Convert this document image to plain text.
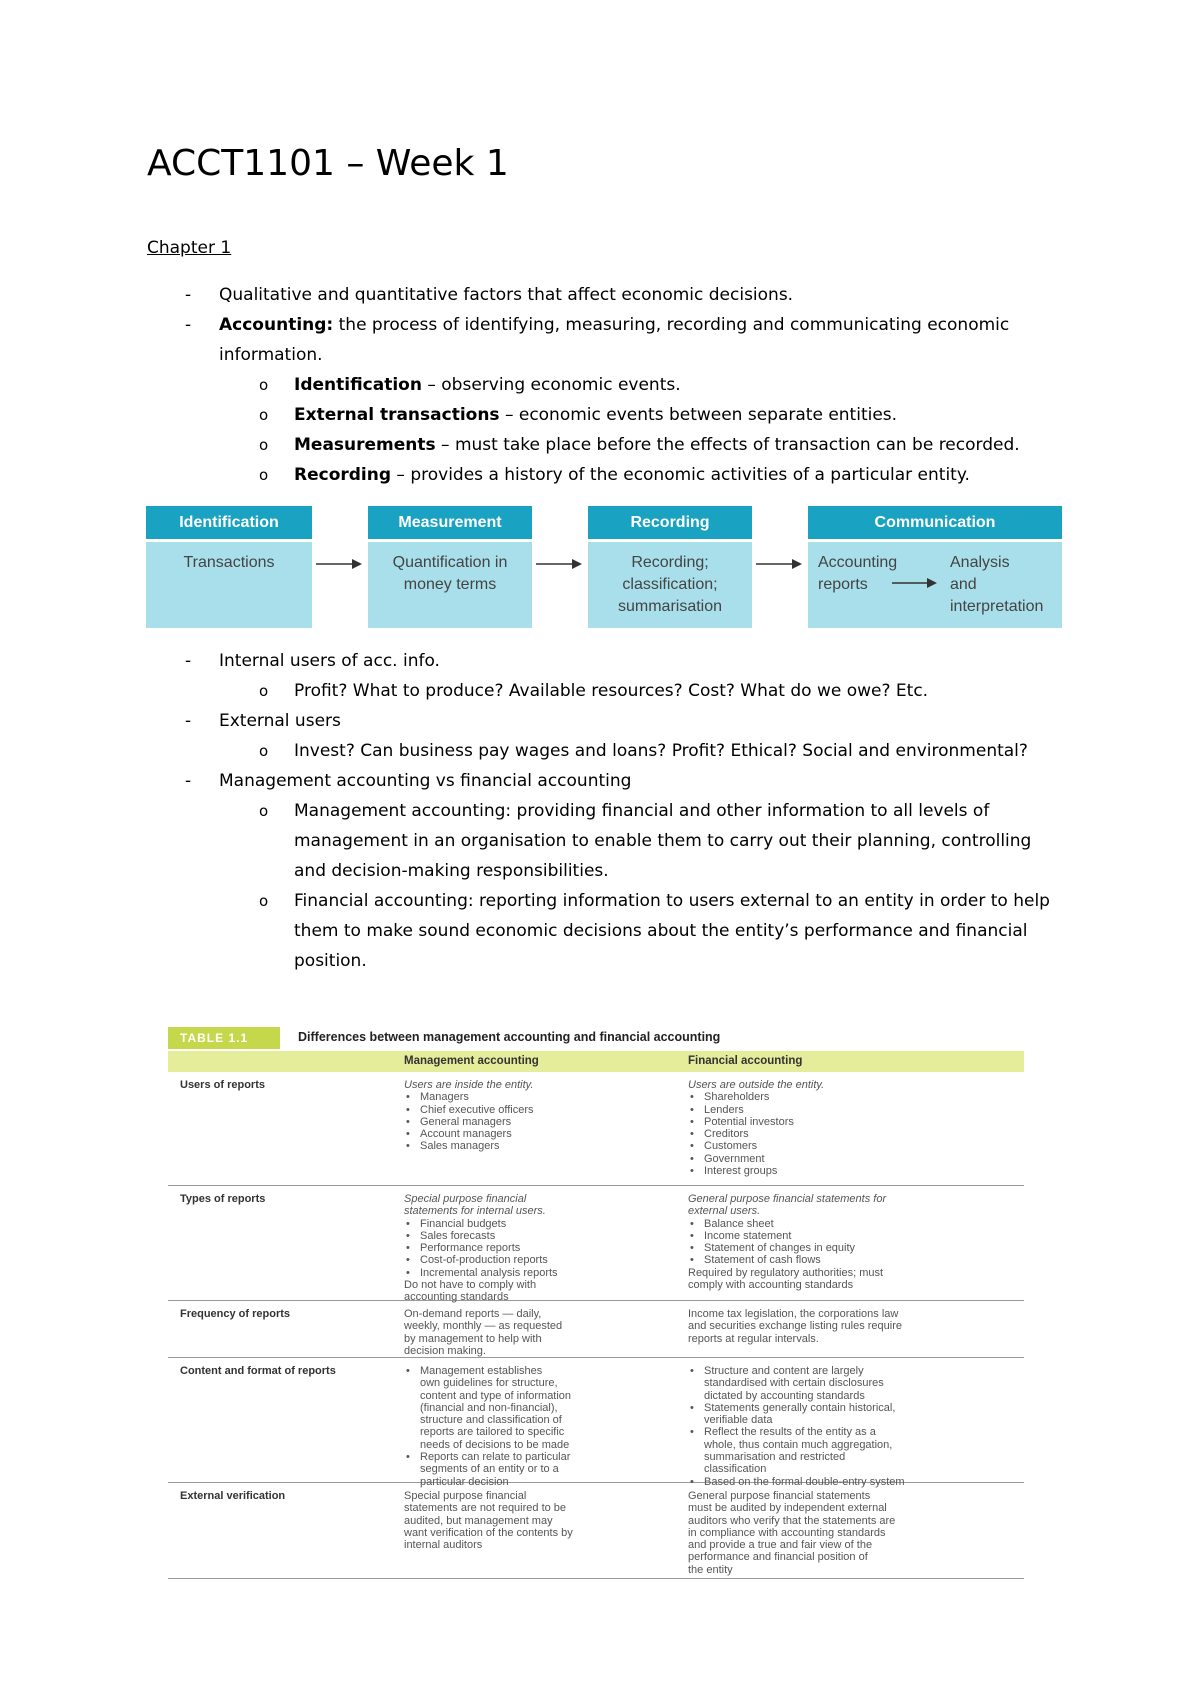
ACCT1101 – Week 1
Chapter 1
- Qualitative and quantitative factors that affect economic decisions.
- Accounting: the process of identifying, measuring, recording and communicating economic information.
o Identification – observing economic events.
o External transactions – economic events between separate entities.
o Measurements – must take place before the effects of transaction can be recorded.
o Recording – provides a history of the economic activities of a particular entity.
Identification
Transactions
Measurement
Quantification in
money terms
Recording
Recording;
classification;
summarisation
Communication
Accounting
reports
Analysis
and
interpretation
- Internal users of acc. info.
o Profit? What to produce? Available resources? Cost? What do we owe? Etc.
- External users
o Invest? Can business pay wages and loans? Profit? Ethical? Social and environmental?
- Management accounting vs financial accounting
o Management accounting: providing financial and other information to all levels of management in an organisation to enable them to carry out their planning, controlling and decision-making responsibilities.
o Financial accounting: reporting information to users external to an entity in order to help them to make sound economic decisions about the entity’s performance and financial position.
TABLE 1.1	Differences between management accounting and financial accounting
Management accounting	Financial accounting
Users of reports	Users are inside the entity.
• Managers
• Chief executive officers
• General managers
• Account managers
• Sales managers
Users are outside the entity.
• Shareholders
• Lenders
• Potential investors
• Creditors
• Customers
• Government
• Interest groups
Types of reports	Special purpose financial
statements for internal users.
• Financial budgets
• Sales forecasts
• Performance reports
• Cost-of-production reports
• Incremental analysis reports
Do not have to comply with
accounting standards
General purpose financial statements for
external users.
• Balance sheet
• Income statement
• Statement of changes in equity
• Statement of cash flows
Required by regulatory authorities; must
comply with accounting standards
Frequency of reports	On-demand reports — daily,
weekly, monthly — as requested
by management to help with
decision making.
Income tax legislation, the corporations law
and securities exchange listing rules require
reports at regular intervals.
Content and format of reports
•	Management establishes
own guidelines for structure,
content and type of information
(financial and non-financial),
structure and classification of
reports are tailored to specific
needs of decisions to be made
• Reports can relate to particular
segments of an entity or to a
particular decision
• Structure and content are largely
standardised with certain disclosures
dictated by accounting standards
• Statements generally contain historical,
verifiable data
• Reflect the results of the entity as a
whole, thus contain much aggregation,
summarisation and restricted
classification
• Based on the formal double-entry system
External verification	Special purpose financial
statements are not required to be
audited, but management may
want verification of the contents by
internal auditors
General purpose financial statements
must be audited by independent external
auditors who verify that the statements are
in compliance with accounting standards
and provide a true and fair view of the
performance and financial position of
the entity
